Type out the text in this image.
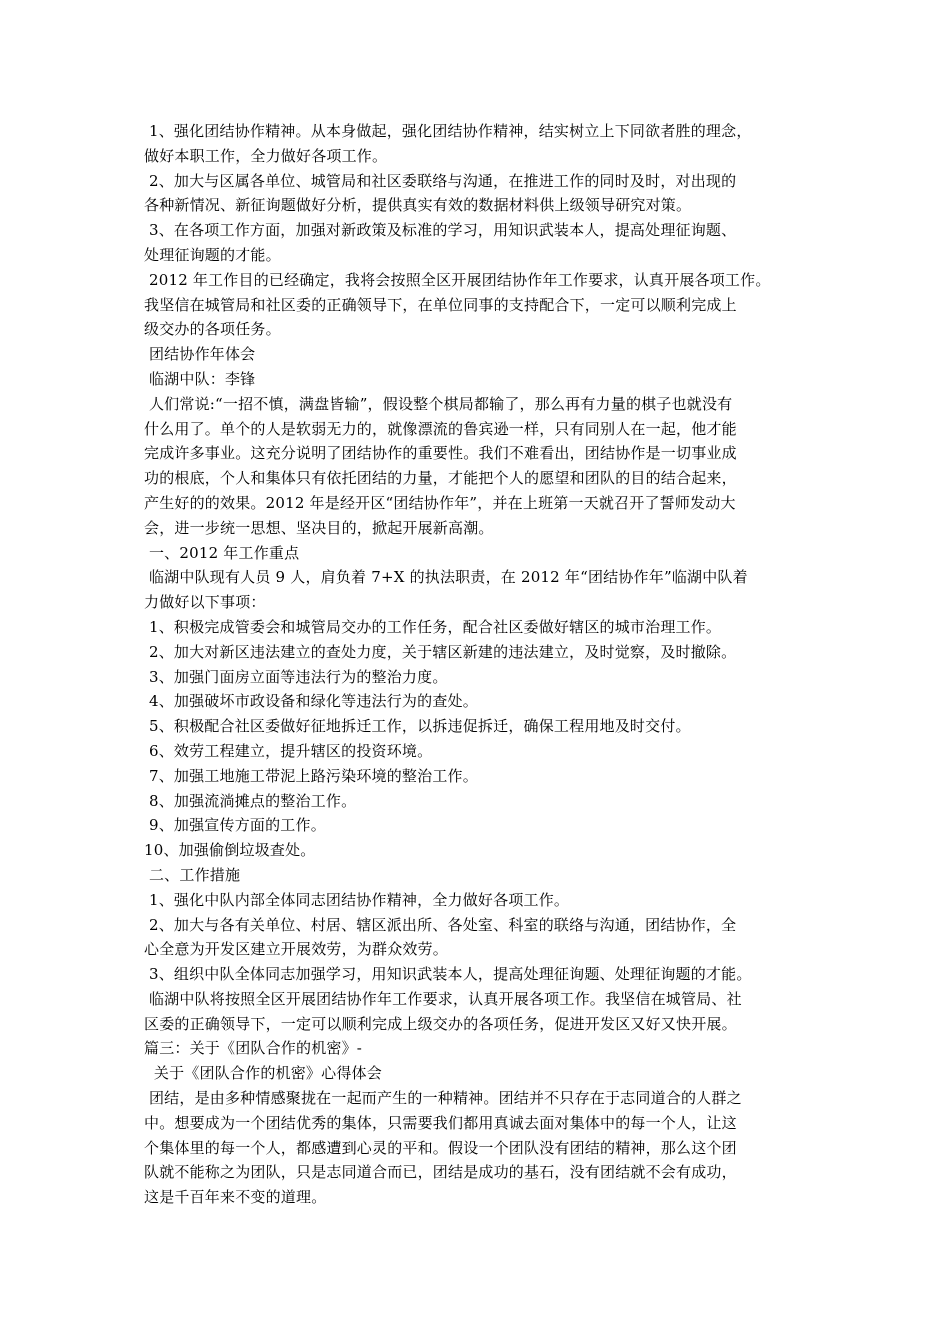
1、强化团结协作精神。从本身做起，强化团结协作精神，结实树立上下同欲者胜的理念，
做好本职工作，全力做好各项工作。
2、加大与区属各单位、城管局和社区委联络与沟通，在推进工作的同时及时，对出现的
各种新情况、新征询题做好分析，提供真实有效的数据材料供上级领导研究对策。
3、在各项工作方面，加强对新政策及标准的学习，用知识武装本人，提高处理征询题、
处理征询题的才能。
2012 年工作目的已经确定，我将会按照全区开展团结协作年工作要求，认真开展各项工作。
我坚信在城管局和社区委的正确领导下，在单位同事的支持配合下，一定可以顺利完成上
级交办的各项任务。
团结协作年体会
临湖中队：李锋
人们常说:“一招不慎，满盘皆输”，假设整个棋局都输了，那么再有力量的棋子也就没有
什么用了。单个的人是软弱无力的，就像漂流的鲁宾逊一样，只有同别人在一起，他才能
完成许多事业。这充分说明了团结协作的重要性。我们不难看出，团结协作是一切事业成
功的根底，个人和集体只有依托团结的力量，才能把个人的愿望和团队的目的结合起来，
产生好的的效果。2012 年是经开区“团结协作年”，并在上班第一天就召开了誓师发动大
会，进一步统一思想、坚决目的，掀起开展新高潮。
一、2012 年工作重点
临湖中队现有人员 9 人，肩负着 7+X 的执法职责，在 2012 年“团结协作年”临湖中队着
力做好以下事项：
1、积极完成管委会和城管局交办的工作任务，配合社区委做好辖区的城市治理工作。
2、加大对新区违法建立的查处力度，关于辖区新建的违法建立，及时觉察，及时撤除。
3、加强门面房立面等违法行为的整治力度。
4、加强破坏市政设备和绿化等违法行为的查处。
5、积极配合社区委做好征地拆迁工作，以拆违促拆迁，确保工程用地及时交付。
6、效劳工程建立，提升辖区的投资环境。
7、加强工地施工带泥上路污染环境的整治工作。
8、加强流淌摊点的整治工作。
9、加强宣传方面的工作。
10、加强偷倒垃圾查处。
二、工作措施
1、强化中队内部全体同志团结协作精神，全力做好各项工作。
2、加大与各有关单位、村居、辖区派出所、各处室、科室的联络与沟通，团结协作，全
心全意为开发区建立开展效劳，为群众效劳。
3、组织中队全体同志加强学习，用知识武装本人，提高处理征询题、处理征询题的才能。
临湖中队将按照全区开展团结协作年工作要求，认真开展各项工作。我坚信在城管局、社
区委的正确领导下，一定可以顺利完成上级交办的各项任务，促进开发区又好又快开展。
篇三：关于《团队合作的机密》-
关于《团队合作的机密》心得体会
团结，是由多种情感聚拢在一起而产生的一种精神。团结并不只存在于志同道合的人群之
中。想要成为一个团结优秀的集体，只需要我们都用真诚去面对集体中的每一个人，让这
个集体里的每一个人，都感遭到心灵的平和。假设一个团队没有团结的精神，那么这个团
队就不能称之为团队，只是志同道合而已，团结是成功的基石，没有团结就不会有成功，
这是千百年来不变的道理。
